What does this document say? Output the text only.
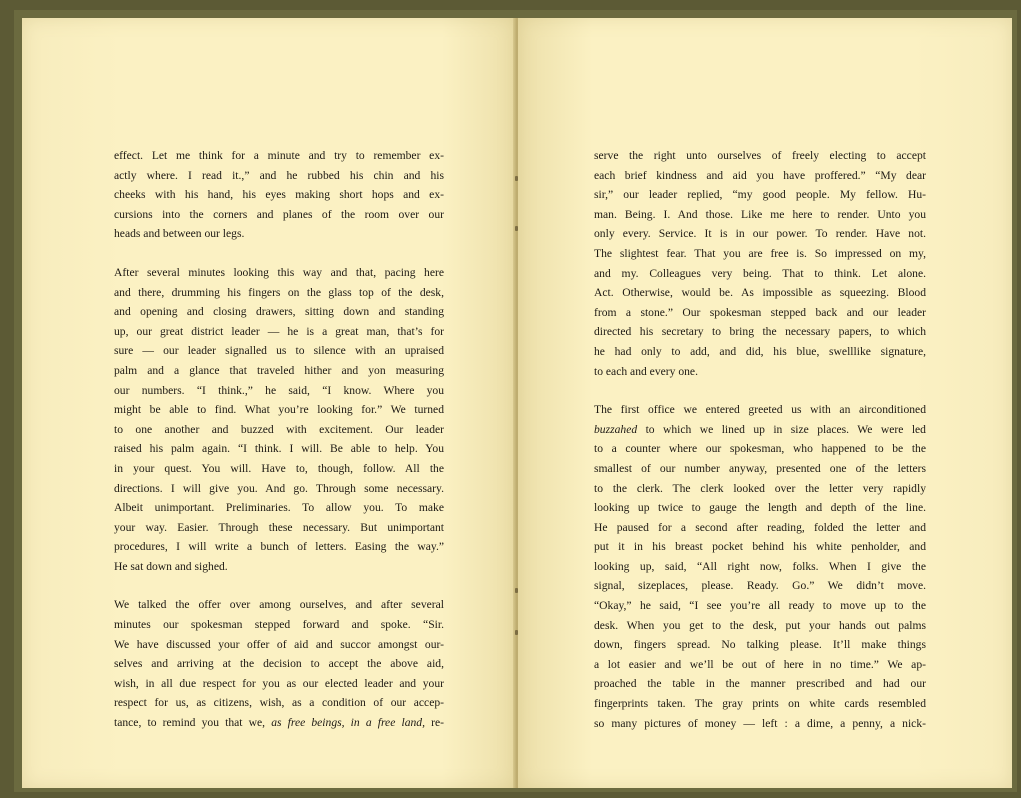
effect. Let me think for a minute and try to remember ex-
actly where. I read it.,” and he rubbed his chin and his
cheeks with his hand, his eyes making short hops and ex-
cursions into the corners and planes of the room over our
heads and between our legs.

After several minutes looking this way and that, pacing here
and there, drumming his fingers on the glass top of the desk,
and opening and closing drawers, sitting down and standing
up, our great district leader — he is a great man, that’s for
sure — our leader signalled us to silence with an upraised
palm and a glance that traveled hither and yon measuring
our numbers. “I think.,” he said, “I know. Where you
might be able to find. What you’re looking for.” We turned
to one another and buzzed with excitement. Our leader
raised his palm again. “I think. I will. Be able to help. You
in your quest. You will. Have to, though, follow. All the
directions. I will give you. And go. Through some necessary.
Albeit unimportant. Preliminaries. To allow you. To make
your way. Easier. Through these necessary. But unimportant
procedures, I will write a bunch of letters. Easing the way.”
He sat down and sighed.

We talked the offer over among ourselves, and after several
minutes our spokesman stepped forward and spoke. “Sir.
We have discussed your offer of aid and succor amongst our-
selves and arriving at the decision to accept the above aid,
wish, in all due respect for you as our elected leader and your
respect for us, as citizens, wish, as a condition of our accep-
tance, to remind you that we, as free beings, in a free land, re-

serve the right unto ourselves of freely electing to accept
each brief kindness and aid you have proffered.” “My dear
sir,” our leader replied, “my good people. My fellow. Hu-
man. Being. I. And those. Like me here to render. Unto you
only every. Service. It is in our power. To render. Have not.
The slightest fear. That you are free is. So impressed on my,
and my. Colleagues very being. That to think. Let alone.
Act. Otherwise, would be. As impossible as squeezing. Blood
from a stone.” Our spokesman stepped back and our leader
directed his secretary to bring the necessary papers, to which
he had only to add, and did, his blue, swelllike signature,
to each and every one.

The first office we entered greeted us with an airconditioned
buzzahed to which we lined up in size places. We were led
to a counter where our spokesman, who happened to be the
smallest of our number anyway, presented one of the letters
to the clerk. The clerk looked over the letter very rapidly
looking up twice to gauge the length and depth of the line.
He paused for a second after reading, folded the letter and
put it in his breast pocket behind his white penholder, and
looking up, said, “All right now, folks. When I give the
signal, sizeplaces, please. Ready. Go.” We didn’t move.
“Okay,” he said, “I see you’re all ready to move up to the
desk. When you get to the desk, put your hands out palms
down, fingers spread. No talking please. It’ll make things
a lot easier and we’ll be out of here in no time.” We ap-
proached the table in the manner prescribed and had our
fingerprints taken. The gray prints on white cards resembled
so many pictures of money — left : a dime, a penny, a nick-
